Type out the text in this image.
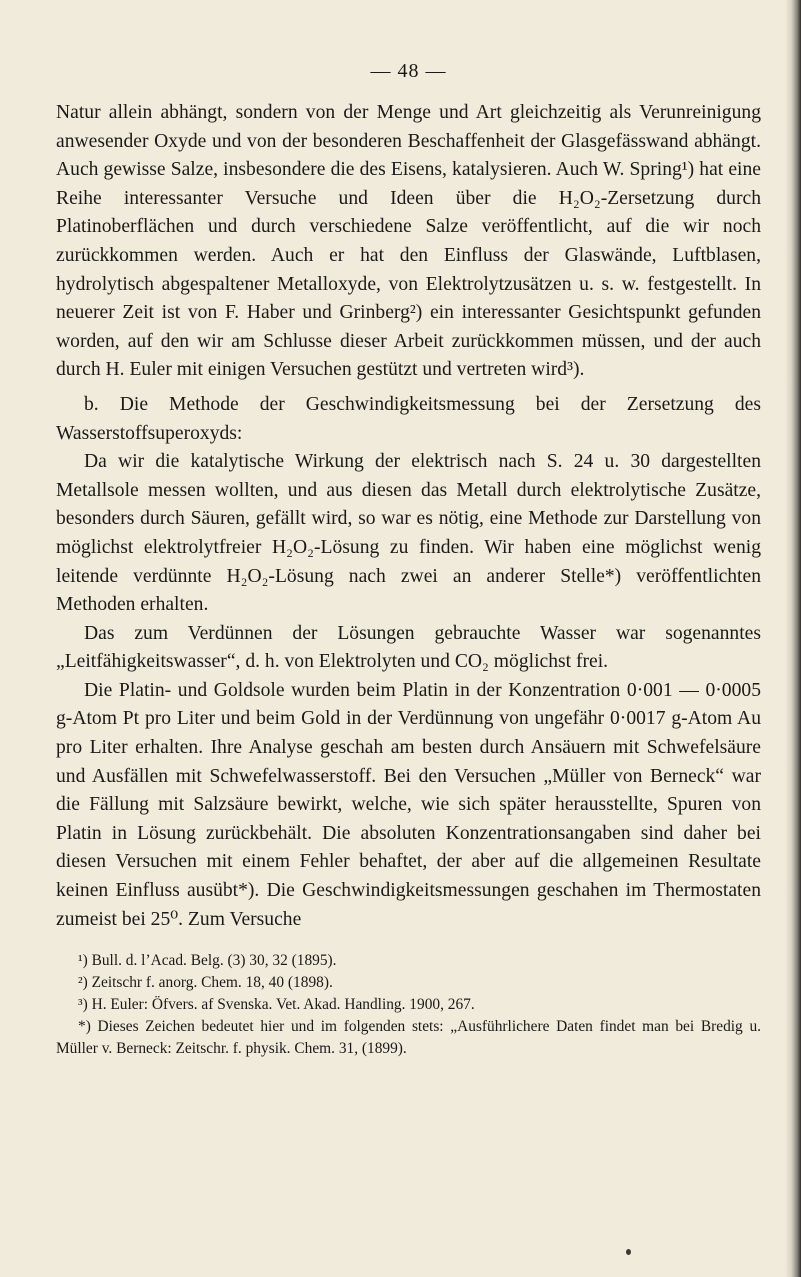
— 48 —

Natur allein abhängt, sondern von der Menge und Art gleichzeitig als Verunreinigung anwesender Oxyde und von der besonderen Beschaffenheit der Glasgefässwand abhängt. Auch gewisse Salze, insbesondere die des Eisens, katalysieren. Auch W. Spring¹) hat eine Reihe interessanter Versuche und Ideen über die H₂O₂-Zersetzung durch Platinoberflächen und durch verschiedene Salze veröffentlicht, auf die wir noch zurückkommen werden. Auch er hat den Einfluss der Glaswände, Luftblasen, hydrolytisch abgespaltener Metalloxyde, von Elektrolytzusätzen u. s. w. festgestellt. In neuerer Zeit ist von F. Haber und Grinberg²) ein interessanter Gesichtspunkt gefunden worden, auf den wir am Schlusse dieser Arbeit zurückkommen müssen, und der auch durch H. Euler mit einigen Versuchen gestützt und vertreten wird³).

b. Die Methode der Geschwindigkeitsmessung bei der Zersetzung des Wasserstoffsuperoxyds:

Da wir die katalytische Wirkung der elektrisch nach S. 24 u. 30 dargestellten Metallsole messen wollten, und aus diesen das Metall durch elektrolytische Zusätze, besonders durch Säuren, gefällt wird, so war es nötig, eine Methode zur Darstellung von möglichst elektrolytfreier H₂O₂-Lösung zu finden. Wir haben eine möglichst wenig leitende verdünnte H₂O₂-Lösung nach zwei an anderer Stelle*) veröffentlichten Methoden erhalten.

Das zum Verdünnen der Lösungen gebrauchte Wasser war sogenanntes „Leitfähigkeitswasser“, d. h. von Elektrolyten und CO₂ möglichst frei.

Die Platin- und Goldsole wurden beim Platin in der Konzentration 0·001 — 0·0005 g-Atom Pt pro Liter und beim Gold in der Verdünnung von ungefähr 0·0017 g-Atom Au pro Liter erhalten. Ihre Analyse geschah am besten durch Ansäuern mit Schwefelsäure und Ausfällen mit Schwefelwasserstoff. Bei den Versuchen „Müller von Berneck“ war die Fällung mit Salzsäure bewirkt, welche, wie sich später herausstellte, Spuren von Platin in Lösung zurückbehält. Die absoluten Konzentrationsangaben sind daher bei diesen Versuchen mit einem Fehler behaftet, der aber auf die allgemeinen Resultate keinen Einfluss ausübt*). Die Geschwindigkeitsmessungen geschahen im Thermostaten zumeist bei 25⁰. Zum Versuche

¹) Bull. d. l’Acad. Belg. (3) 30, 32 (1895).

²) Zeitschr f. anorg. Chem. 18, 40 (1898).

³) H. Euler: Öfvers. af Svenska. Vet. Akad. Handling. 1900, 267.

*) Dieses Zeichen bedeutet hier und im folgenden stets: „Ausführlichere Daten findet man bei Bredig u. Müller v. Berneck: Zeitschr. f. physik. Chem. 31, (1899).
